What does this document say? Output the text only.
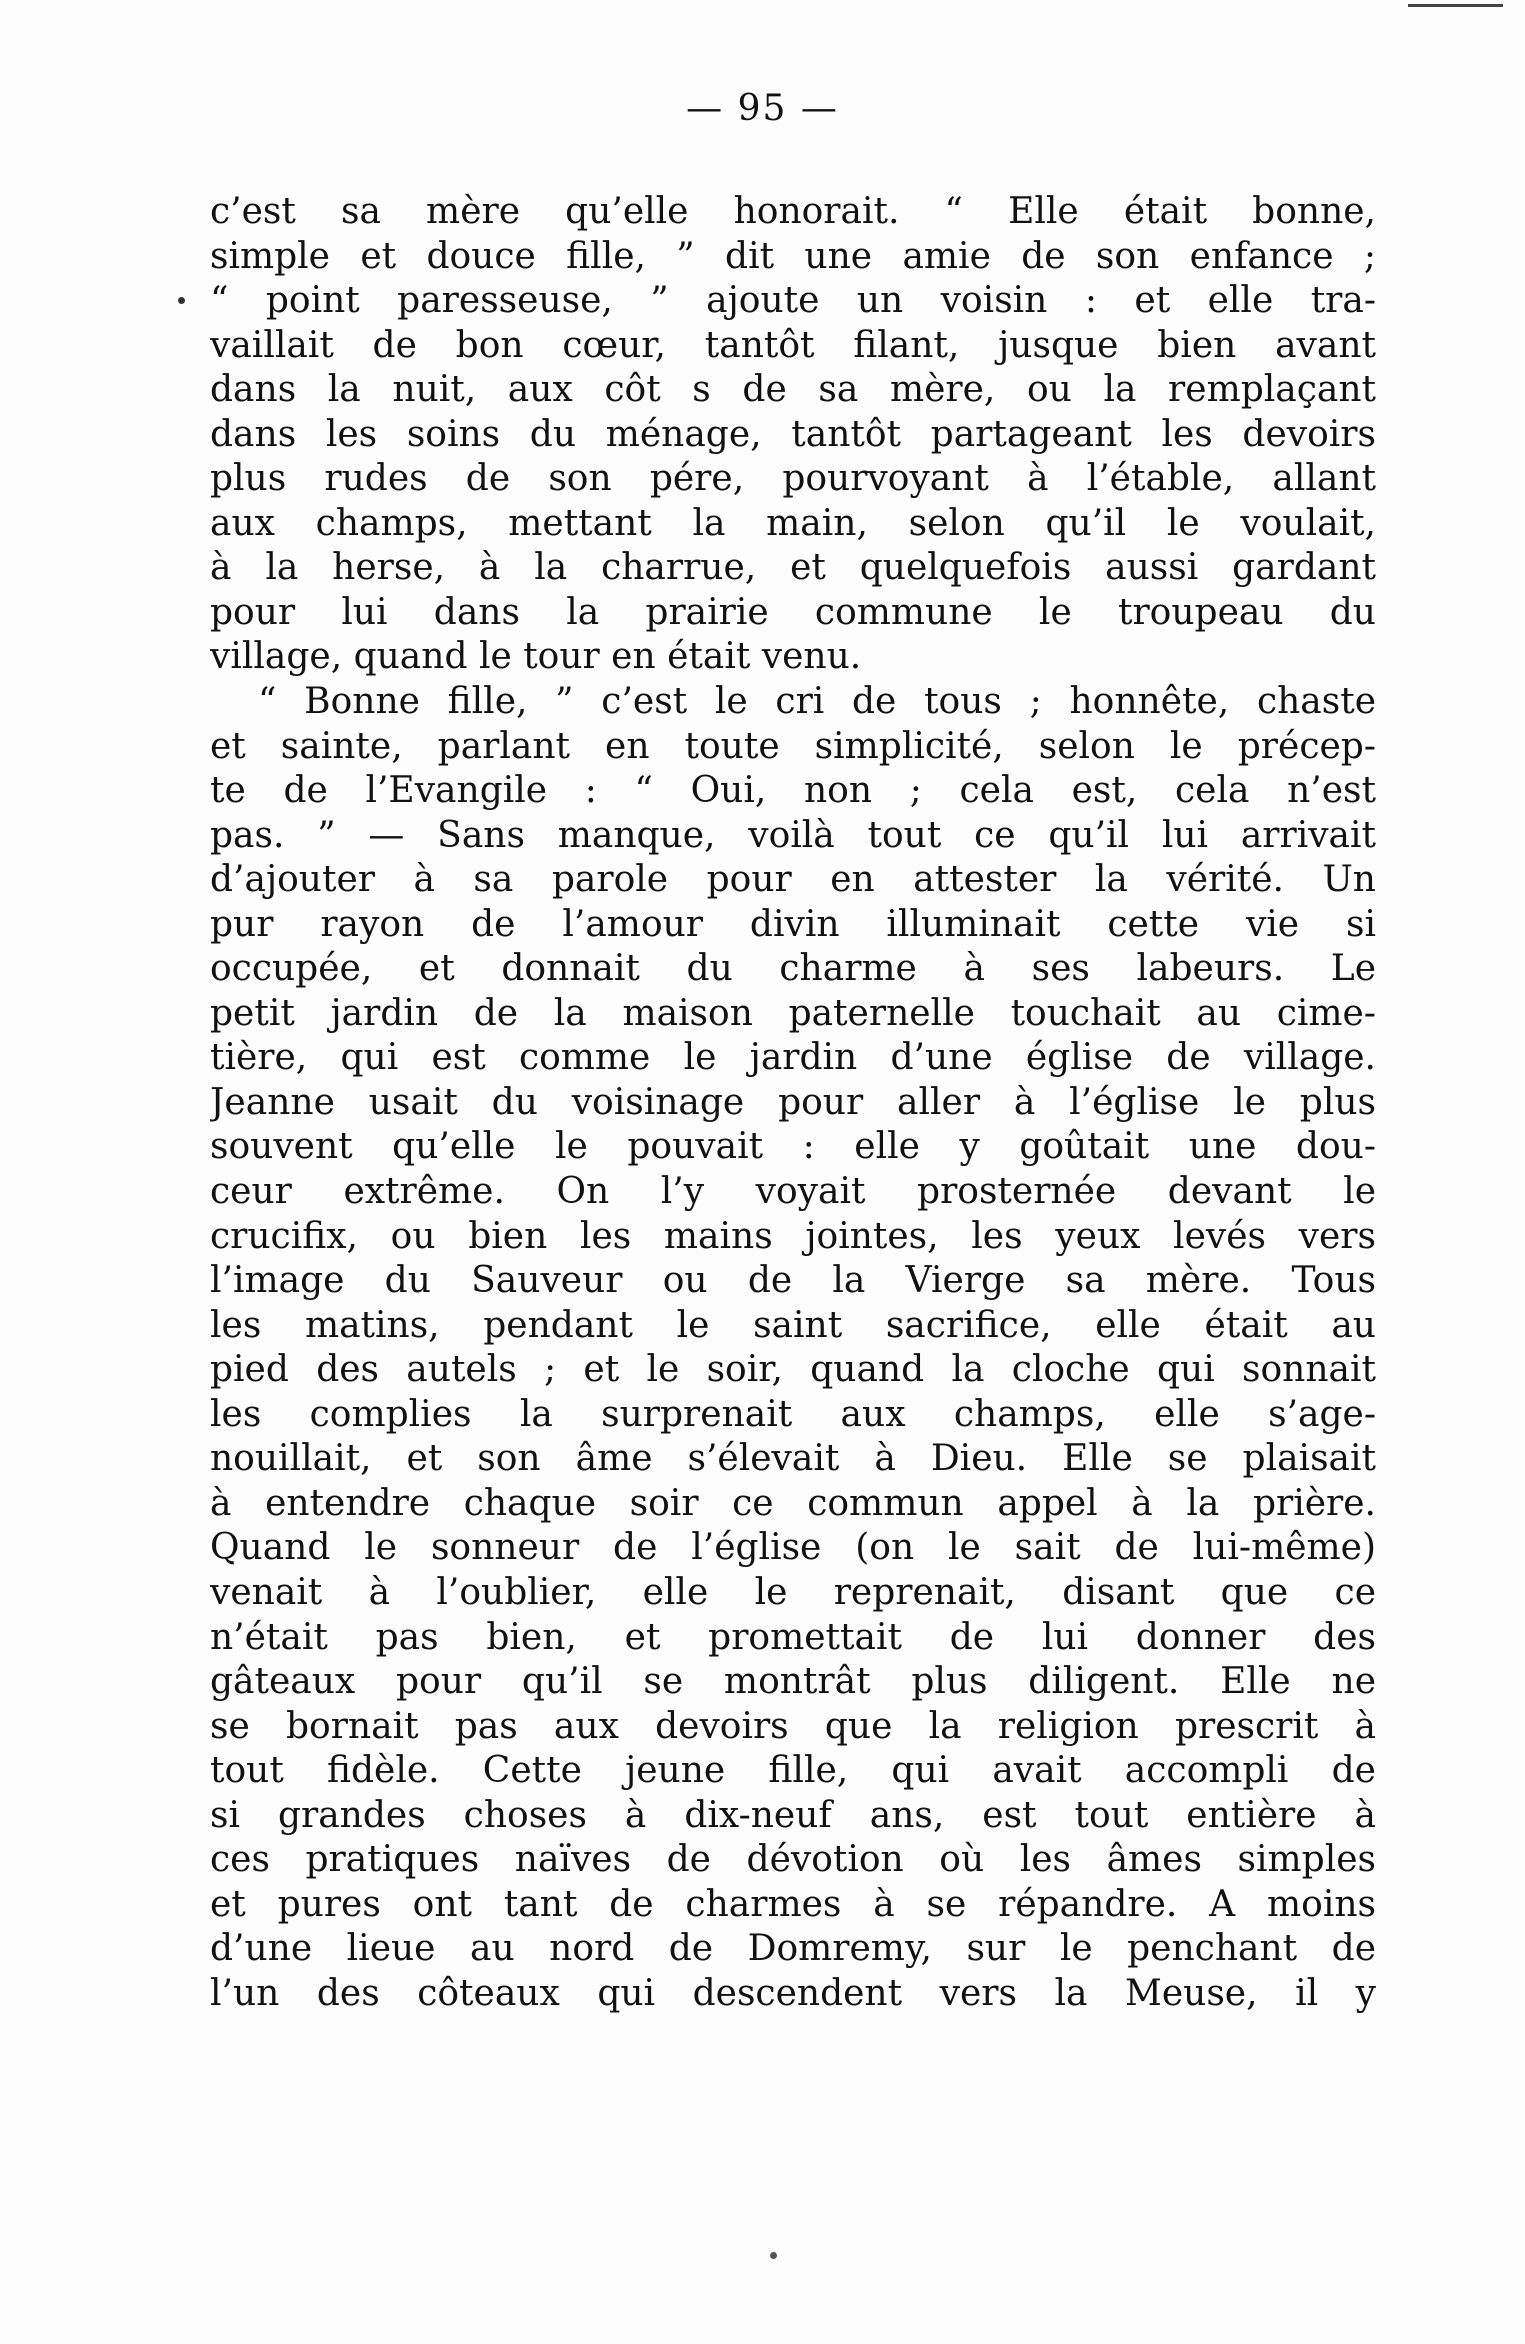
— 95 —
c’est sa mère qu’elle honorait. “ Elle était bonne,
simple et douce fille, ” dit une amie de son enfance ;
“ point paresseuse, ” ajoute un voisin : et elle tra-
vaillait de bon cœur, tantôt filant, jusque bien avant
dans la nuit, aux côt s de sa mère, ou la remplaçant
dans les soins du ménage, tantôt partageant les devoirs
plus rudes de son pére, pourvoyant à l’étable, allant
aux champs, mettant la main, selon qu’il le voulait,
à la herse, à la charrue, et quelquefois aussi gardant
pour lui dans la prairie commune le troupeau du
village, quand le tour en était venu.
“ Bonne fille, ” c’est le cri de tous ; honnête, chaste
et sainte, parlant en toute simplicité, selon le précep-
te de l’Evangile : “ Oui, non ; cela est, cela n’est
pas. ” — Sans manque, voilà tout ce qu’il lui arrivait
d’ajouter à sa parole pour en attester la vérité. Un
pur rayon de l’amour divin illuminait cette vie si
occupée, et donnait du charme à ses labeurs. Le
petit jardin de la maison paternelle touchait au cime-
tière, qui est comme le jardin d’une église de village.
Jeanne usait du voisinage pour aller à l’église le plus
souvent qu’elle le pouvait : elle y goûtait une dou-
ceur extrême. On l’y voyait prosternée devant le
crucifix, ou bien les mains jointes, les yeux levés vers
l’image du Sauveur ou de la Vierge sa mère. Tous
les matins, pendant le saint sacrifice, elle était au
pied des autels ; et le soir, quand la cloche qui sonnait
les complies la surprenait aux champs, elle s’age-
nouillait, et son âme s’élevait à Dieu. Elle se plaisait
à entendre chaque soir ce commun appel à la prière.
Quand le sonneur de l’église (on le sait de lui-même)
venait à l’oublier, elle le reprenait, disant que ce
n’était pas bien, et promettait de lui donner des
gâteaux pour qu’il se montrât plus diligent. Elle ne
se bornait pas aux devoirs que la religion prescrit à
tout fidèle. Cette jeune fille, qui avait accompli de
si grandes choses à dix-neuf ans, est tout entière à
ces pratiques naïves de dévotion où les âmes simples
et pures ont tant de charmes à se répandre. A moins
d’une lieue au nord de Domremy, sur le penchant de
l’un des côteaux qui descendent vers la Meuse, il y
